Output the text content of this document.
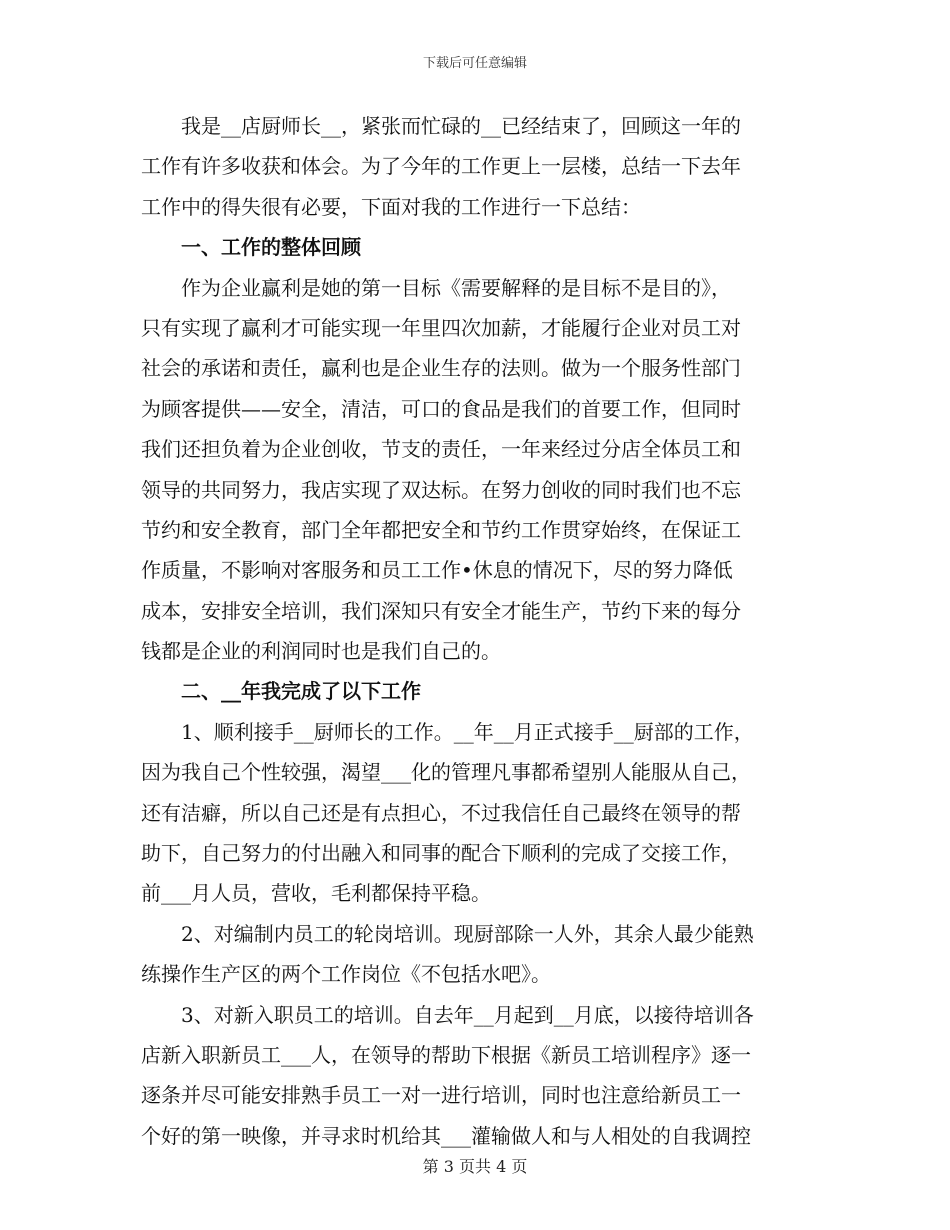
下载后可任意编辑
　　我是__店厨师长__，紧张而忙碌的__已经结束了，回顾这一年的
工作有许多收获和体会。为了今年的工作更上一层楼，总结一下去年
工作中的得失很有必要，下面对我的工作进行一下总结：
　　一、工作的整体回顾
　　作为企业赢利是她的第一目标《需要解释的是目标不是目的》，
只有实现了赢利才可能实现一年里四次加薪，才能履行企业对员工对
社会的承诺和责任，赢利也是企业生存的法则。做为一个服务性部门
为顾客提供——安全，清洁，可口的食品是我们的首要工作，但同时
我们还担负着为企业创收，节支的责任，一年来经过分店全体员工和
领导的共同努力，我店实现了双达标。在努力创收的同时我们也不忘
节约和安全教育，部门全年都把安全和节约工作贯穿始终，在保证工
作质量，不影响对客服务和员工工作•休息的情况下，尽的努力降低
成本，安排安全培训，我们深知只有安全才能生产，节约下来的每分
钱都是企业的利润同时也是我们自己的。
　　二、__年我完成了以下工作
　　1、顺利接手__厨师长的工作。__年__月正式接手__厨部的工作，
因为我自己个性较强，渴望___化的管理凡事都希望别人能服从自己，
还有洁癖，所以自己还是有点担心，不过我信任自己最终在领导的帮
助下，自己努力的付出融入和同事的配合下顺利的完成了交接工作，
前___月人员，营收，毛利都保持平稳。
　　2、对编制内员工的轮岗培训。现厨部除一人外，其余人最少能熟
练操作生产区的两个工作岗位《不包括水吧》。
　　3、对新入职员工的培训。自去年__月起到__月底，以接待培训各
店新入职新员工___人，在领导的帮助下根据《新员工培训程序》逐一
逐条并尽可能安排熟手员工一对一进行培训，同时也注意给新员工一
个好的第一映像，并寻求时机给其___灌输做人和与人相处的自我调控
第 3 页共 4 页
